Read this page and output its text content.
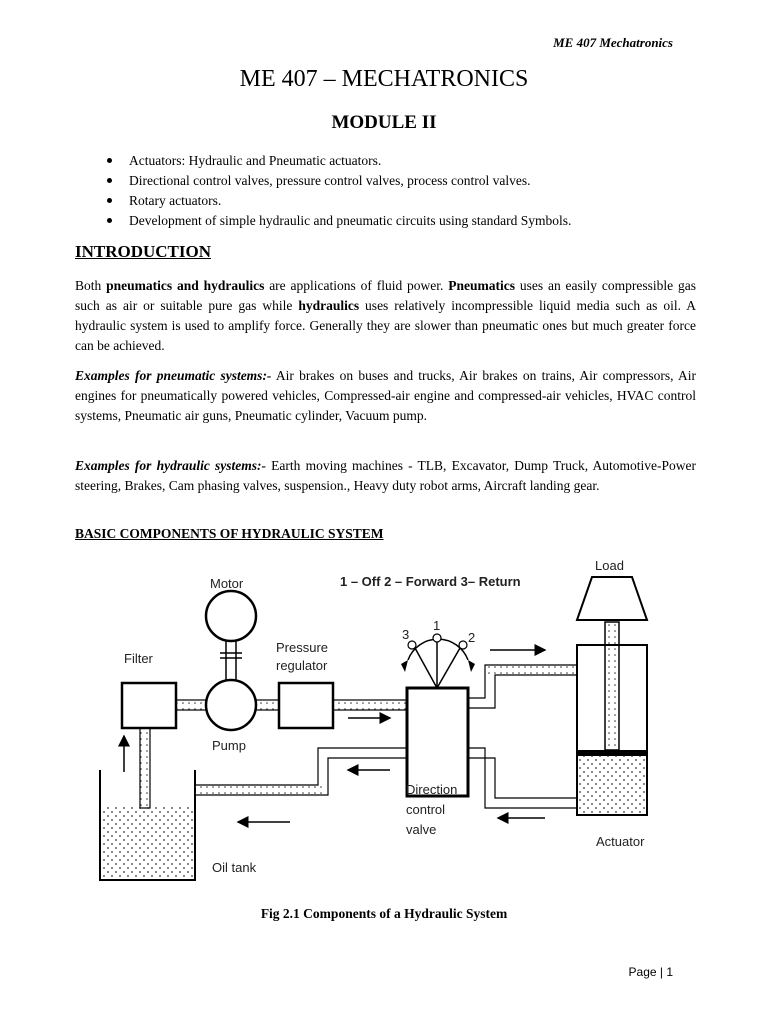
ME 407 Mechatronics
ME 407 – MECHATRONICS
MODULE II
Actuators: Hydraulic and Pneumatic actuators.
Directional control valves, pressure control valves, process control valves.
Rotary actuators.
Development of simple hydraulic and pneumatic circuits using standard Symbols.
INTRODUCTION

Both pneumatics and hydraulics are applications of fluid power. Pneumatics uses an easily compressible gas such as air or suitable pure gas while hydraulics uses relatively incompressible liquid media such as oil. A hydraulic system is used to amplify force. Generally they are slower than pneumatic ones but much greater force can be achieved.

Examples for pneumatic systems:- Air brakes on buses and trucks, Air brakes on trains, Air compressors, Air engines for pneumatically powered vehicles, Compressed-air engine and compressed-air vehicles, HVAC control systems, Pneumatic air guns, Pneumatic cylinder, Vacuum pump.

Examples for hydraulic systems:- Earth moving machines - TLB, Excavator, Dump Truck, Automotive-Power steering, Brakes, Cam phasing valves, suspension., Heavy duty robot arms, Aircraft landing gear.

BASIC COMPONENTS OF HYDRAULIC SYSTEM
Oil tank
Filter
Motor
Pump
Pressure
regulator
1 – Off 2 – Forward 3– Return
Direction
control
valve
1
3	2
Actuator
Load
Fig 2.1 Components of a Hydraulic System
Page | 1
